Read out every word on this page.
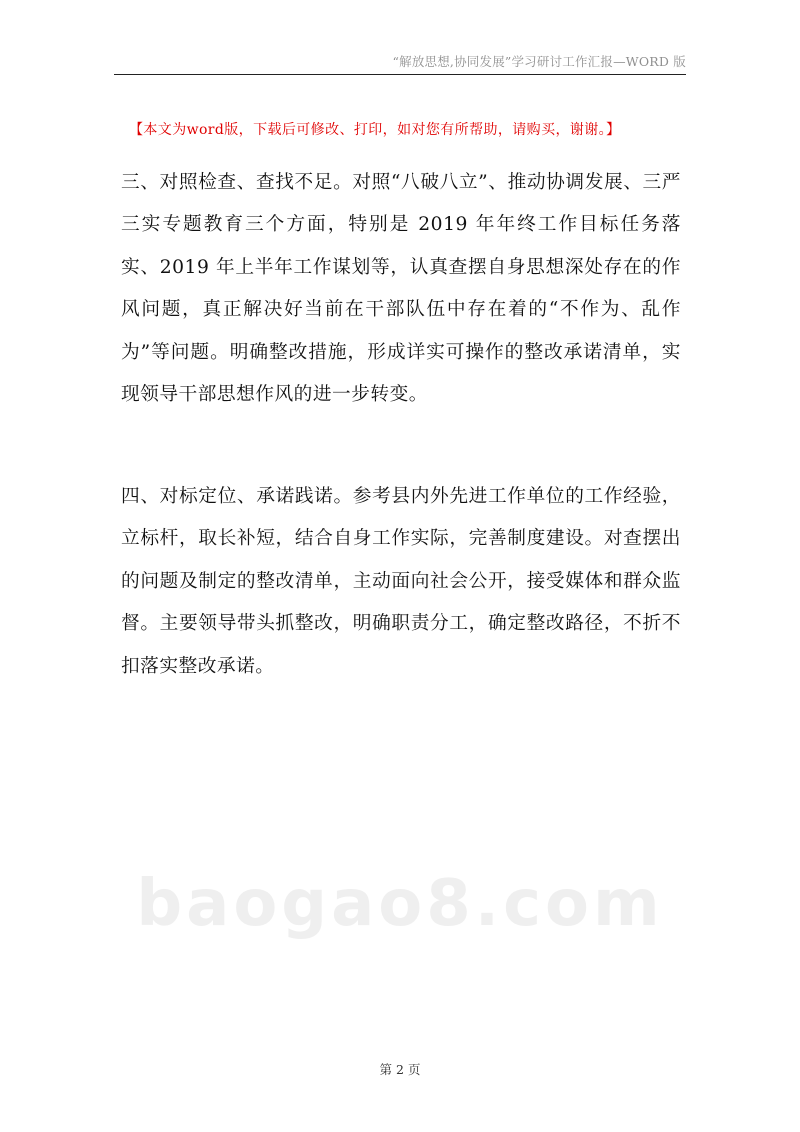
“解放思想,协同发展”学习研讨工作汇报—WORD 版
【本文为word版，下载后可修改、打印，如对您有所帮助，请购买，谢谢。】

三、对照检查、查找不足。对照“八破八立”、推动协调发展、三严三实专题教育三个方面，特别是 2019 年年终工作目标任务落实、2019 年上半年工作谋划等，认真查摆自身思想深处存在的作风问题，真正解决好当前在干部队伍中存在着的“不作为、乱作为”等问题。明确整改措施，形成详实可操作的整改承诺清单，实现领导干部思想作风的进一步转变。

四、对标定位、承诺践诺。参考县内外先进工作单位的工作经验，立标杆，取长补短，结合自身工作实际，完善制度建设。对查摆出的问题及制定的整改清单，主动面向社会公开，接受媒体和群众监督。主要领导带头抓整改，明确职责分工，确定整改路径，不折不扣落实整改承诺。

baogao8.com
第 2 页
